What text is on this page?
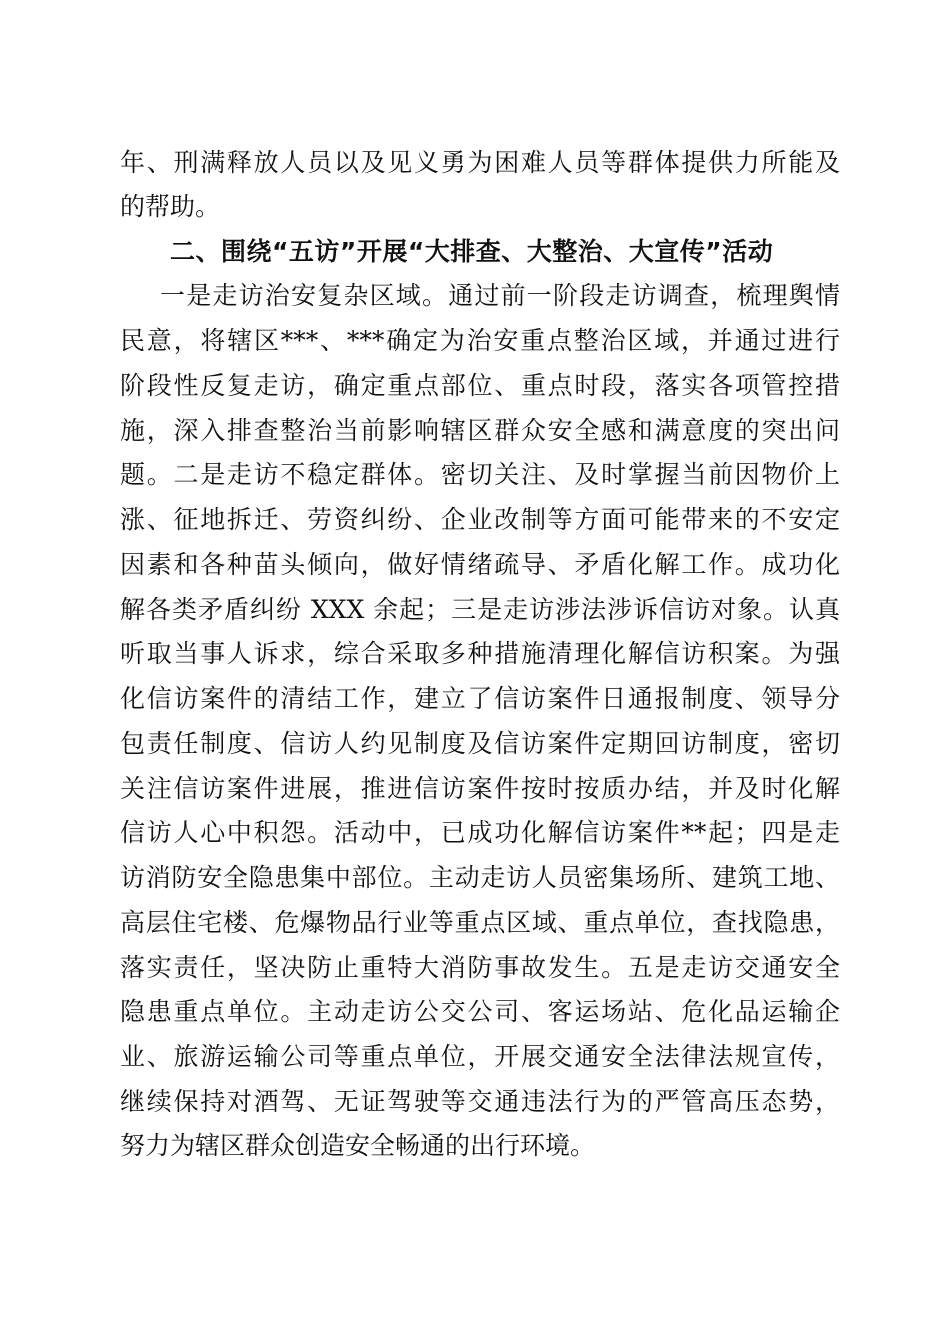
年、刑满释放人员以及见义勇为困难人员等群体提供力所能及
的帮助。
二、围绕“五访”开展“大排查、大整治、大宣传”活动
一是走访治安复杂区域。通过前一阶段走访调查，梳理舆情
民意，将辖区***、***确定为治安重点整治区域，并通过进行
阶段性反复走访，确定重点部位、重点时段，落实各项管控措
施，深入排查整治当前影响辖区群众安全感和满意度的突出问
题。二是走访不稳定群体。密切关注、及时掌握当前因物价上
涨、征地拆迁、劳资纠纷、企业改制等方面可能带来的不安定
因素和各种苗头倾向，做好情绪疏导、矛盾化解工作。成功化
解各类矛盾纠纷 XXX 余起；三是走访涉法涉诉信访对象。认真
听取当事人诉求，综合采取多种措施清理化解信访积案。为强
化信访案件的清结工作，建立了信访案件日通报制度、领导分
包责任制度、信访人约见制度及信访案件定期回访制度，密切
关注信访案件进展，推进信访案件按时按质办结，并及时化解
信访人心中积怨。活动中，已成功化解信访案件**起；四是走
访消防安全隐患集中部位。主动走访人员密集场所、建筑工地、
高层住宅楼、危爆物品行业等重点区域、重点单位，查找隐患，
落实责任，坚决防止重特大消防事故发生。五是走访交通安全
隐患重点单位。主动走访公交公司、客运场站、危化品运输企
业、旅游运输公司等重点单位，开展交通安全法律法规宣传，
继续保持对酒驾、无证驾驶等交通违法行为的严管高压态势，
努力为辖区群众创造安全畅通的出行环境。
